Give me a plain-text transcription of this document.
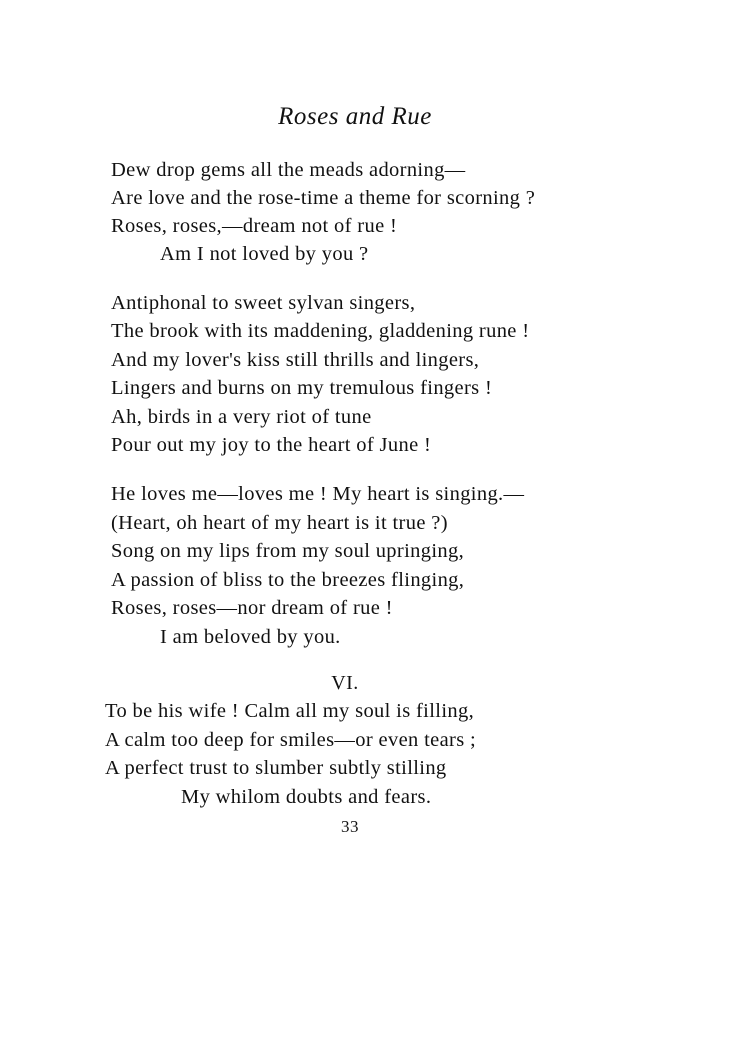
Roses and Rue
Dew drop gems all the meads adorning—
Are love and the rose-time a theme for scorning ?
Roses, roses,—dream not of rue !
Am I not loved by you ?
Antiphonal to sweet sylvan singers,
The brook with its maddening, gladdening rune !
And my lover's kiss still thrills and lingers,
Lingers and burns on my tremulous fingers !
Ah, birds in a very riot of tune
Pour out my joy to the heart of June !
He loves me—loves me ! My heart is singing.—
(Heart, oh heart of my heart is it true ?)
Song on my lips from my soul upringing,
A passion of bliss to the breezes flinging,
Roses, roses—nor dream of rue !
I am beloved by you.
VI.
To be his wife ! Calm all my soul is filling,
A calm too deep for smiles—or even tears ;
A perfect trust to slumber subtly stilling
My whilom doubts and fears.
33
